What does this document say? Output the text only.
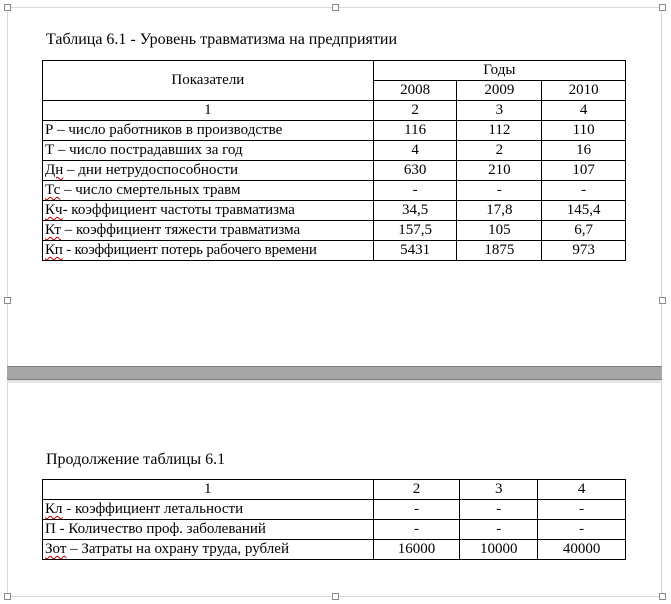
Таблица 6.1 - Уровень травматизма на предприятии
Показатели	Годы		
	2008	2009	2010
1	2	3	4
Р – число работников в производстве	116	112	110
Т – число пострадавших за год	4	2	16
Дн – дни нетрудоспособности	630	210	107
Тс – число смертельных травм	-	-	-
Кч- коэффициент частоты травматизма	34,5	17,8	145,4
Кт – коэффициент тяжести травматизма	157,5	105	6,7
Кп - коэффициент потерь рабочего времени	5431	1875	973
Продолжение таблицы 6.1
1	2	3	4
Кл - коэффициент летальности	-	-	-
П - Количество проф. заболеваний	-	-	-
Зот – Затраты на охрану труда, рублей	16000	10000	40000
